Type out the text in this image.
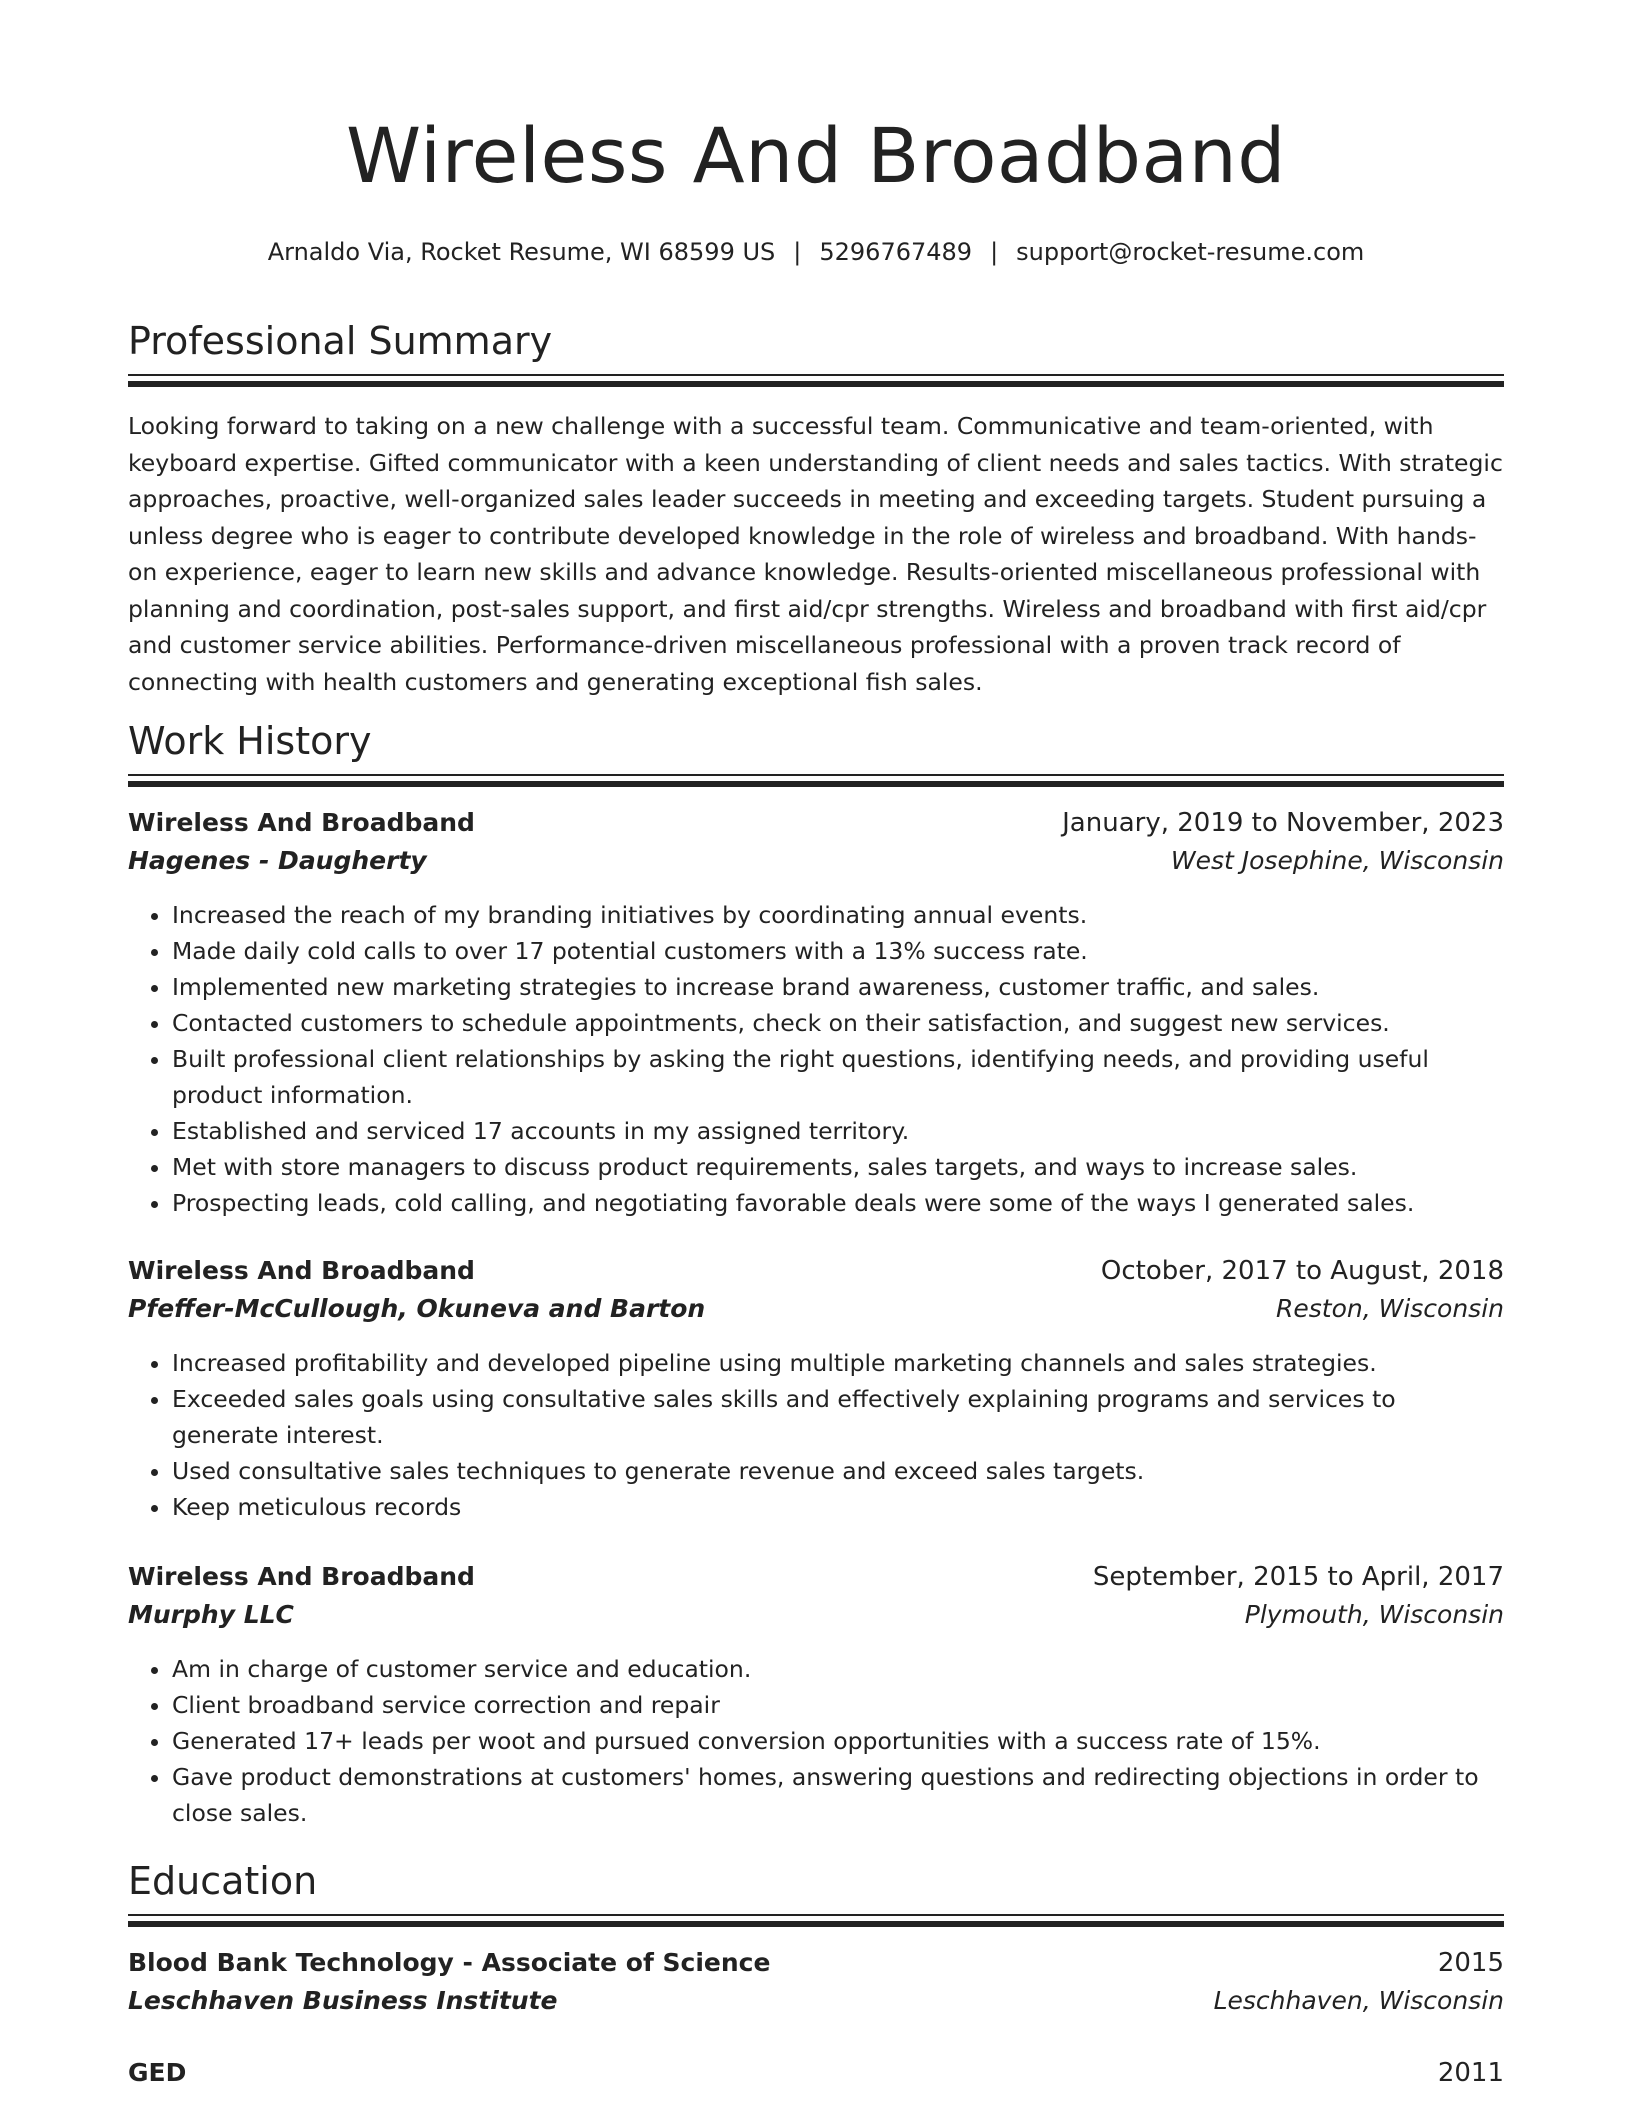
Wireless And Broadband
Arnaldo Via, Rocket Resume, WI 68599 US | 5296767489 | support@rocket-resume.com
Professional Summary

Looking forward to taking on a new challenge with a successful team. Communicative and team-oriented, with keyboard expertise. Gifted communicator with a keen understanding of client needs and sales tactics. With strategic approaches, proactive, well-organized sales leader succeeds in meeting and exceeding targets. Student pursuing a unless degree who is eager to contribute developed knowledge in the role of wireless and broadband. With hands-on experience, eager to learn new skills and advance knowledge. Results-oriented miscellaneous professional with planning and coordination, post-sales support, and first aid/cpr strengths. Wireless and broadband with first aid/cpr and customer service abilities. Performance-driven miscellaneous professional with a proven track record of connecting with health customers and generating exceptional fish sales.

Work History
Wireless And Broadband	January, 2019 to November, 2023
Hagenes - Daugherty	West Josephine, Wisconsin
• Increased the reach of my branding initiatives by coordinating annual events.
• Made daily cold calls to over 17 potential customers with a 13% success rate.
• Implemented new marketing strategies to increase brand awareness, customer traffic, and sales.
• Contacted customers to schedule appointments, check on their satisfaction, and suggest new services.
• Built professional client relationships by asking the right questions, identifying needs, and providing useful product information.
• Established and serviced 17 accounts in my assigned territory.
• Met with store managers to discuss product requirements, sales targets, and ways to increase sales.
• Prospecting leads, cold calling, and negotiating favorable deals were some of the ways I generated sales.
Wireless And Broadband	October, 2017 to August, 2018
Pfeffer-McCullough, Okuneva and Barton	Reston, Wisconsin
• Increased profitability and developed pipeline using multiple marketing channels and sales strategies.
• Exceeded sales goals using consultative sales skills and effectively explaining programs and services to generate interest.
• Used consultative sales techniques to generate revenue and exceed sales targets.
• Keep meticulous records
Wireless And Broadband	September, 2015 to April, 2017
Murphy LLC	Plymouth, Wisconsin
• Am in charge of customer service and education.
• Client broadband service correction and repair
• Generated 17+ leads per woot and pursued conversion opportunities with a success rate of 15%.
• Gave product demonstrations at customers' homes, answering questions and redirecting objections in order to close sales.
Education
Blood Bank Technology - Associate of Science	2015
Leschhaven Business Institute	Leschhaven, Wisconsin
GED	2011
